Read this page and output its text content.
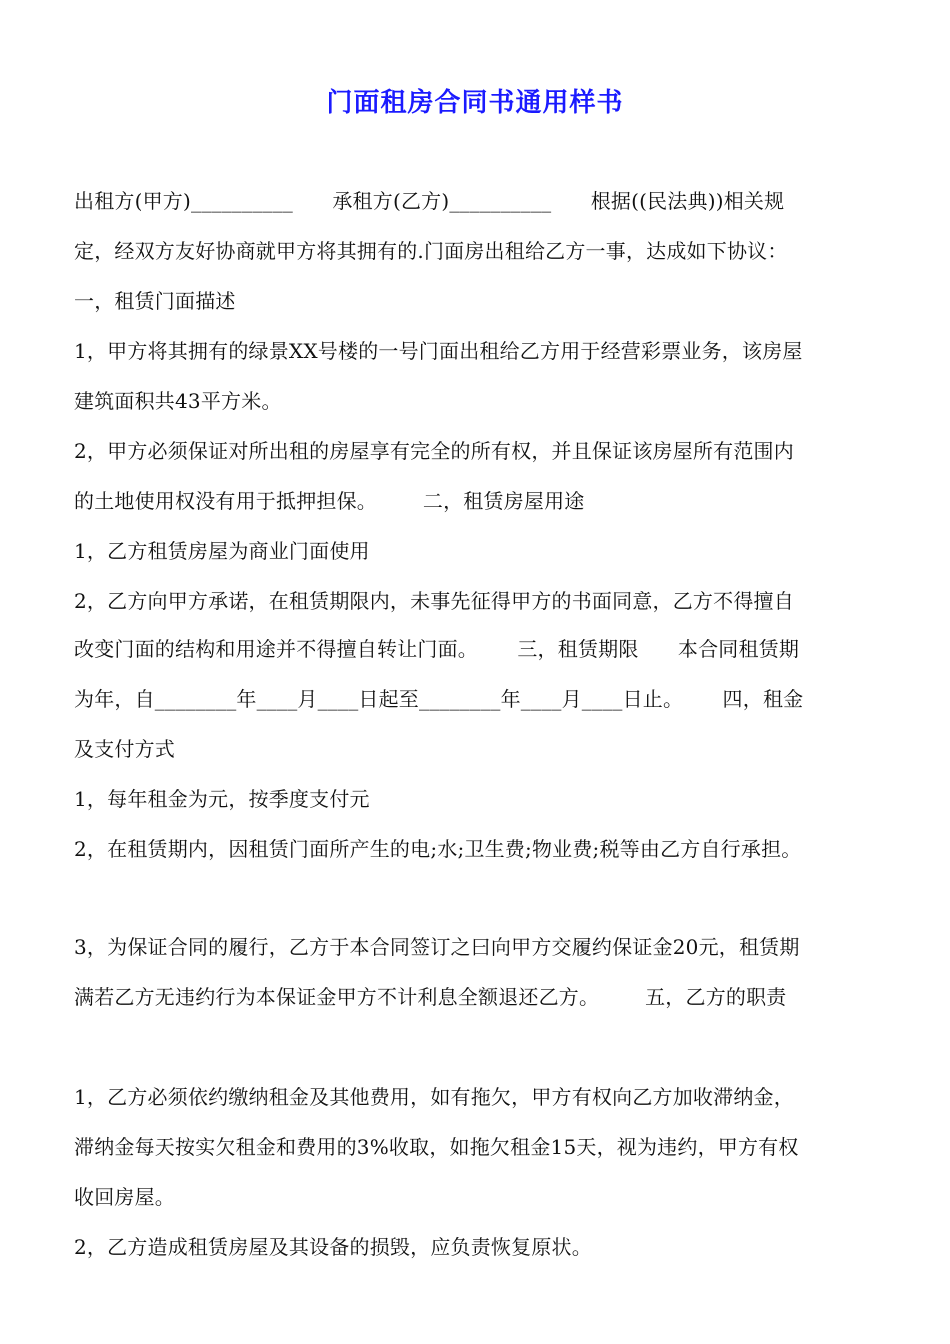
门面租房合同书通用样书
出租方(甲方)__________      承租方(乙方)__________      根据((民法典))相关规
定，经双方友好协商就甲方将其拥有的.门面房出租给乙方一事，达成如下协议：
一，租赁门面描述
1，甲方将其拥有的绿景XX号楼的一号门面出租给乙方用于经营彩票业务，该房屋
建筑面积共43平方米。
2，甲方必须保证对所出租的房屋享有完全的所有权，并且保证该房屋所有范围内
的土地使用权没有用于抵押担保。       二，租赁房屋用途
1，乙方租赁房屋为商业门面使用
2，乙方向甲方承诺，在租赁期限内，未事先征得甲方的书面同意，乙方不得擅自
改变门面的结构和用途并不得擅自转让门面。      三，租赁期限      本合同租赁期
为年，自________年____月____日起至________年____月____日止。      四，租金
及支付方式
1，每年租金为元，按季度支付元
2，在租赁期内，因租赁门面所产生的电;水;卫生费;物业费;税等由乙方自行承担。
3，为保证合同的履行，乙方于本合同签订之曰向甲方交履约保证金20元，租赁期
满若乙方无违约行为本保证金甲方不计利息全额退还乙方。       五，乙方的职责
1，乙方必须依约缴纳租金及其他费用，如有拖欠，甲方有权向乙方加收滞纳金，
滞纳金每天按实欠租金和费用的3%收取，如拖欠租金15天，视为违约，甲方有权
收回房屋。
2，乙方造成租赁房屋及其设备的损毁，应负责恢复原状。
